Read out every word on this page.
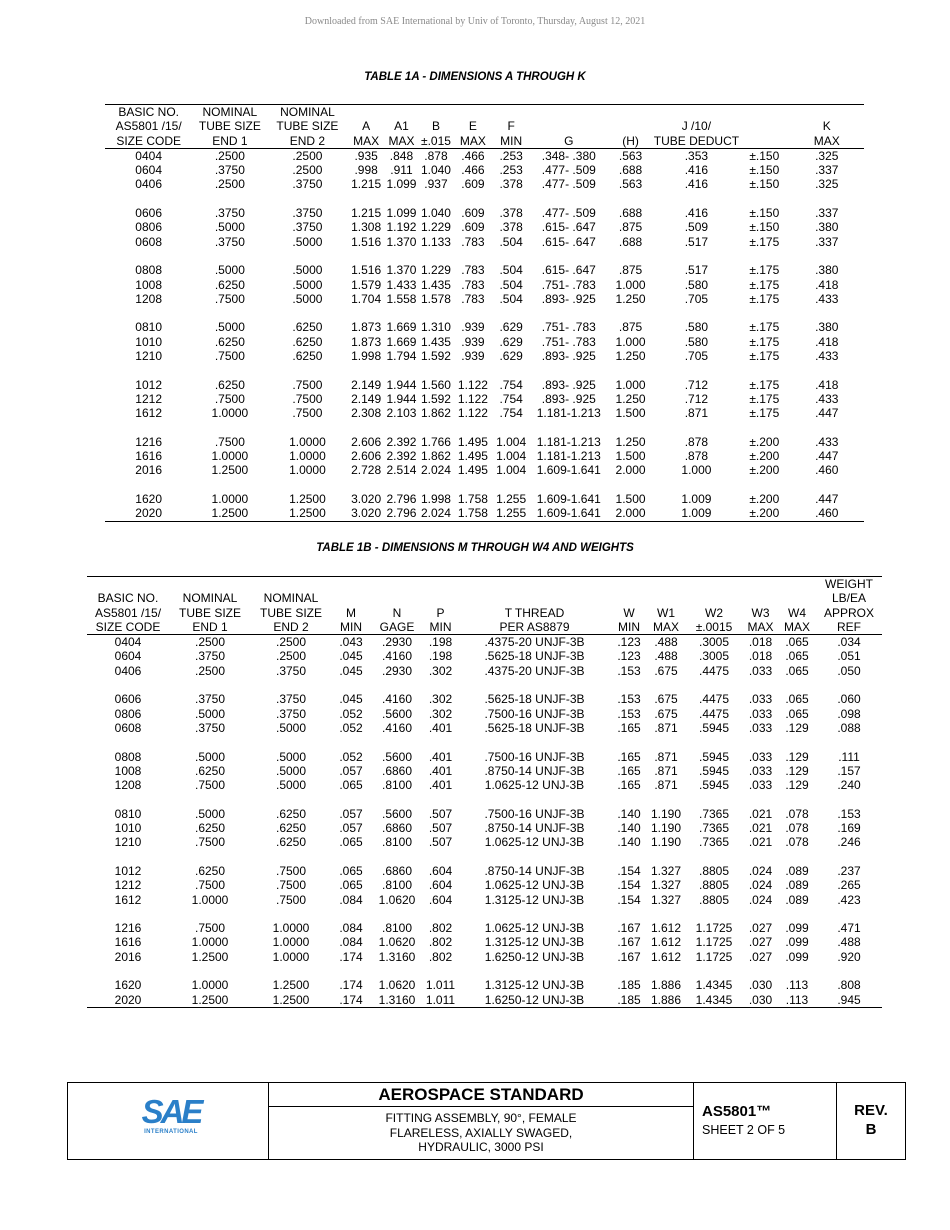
Downloaded from SAE International by Univ of Toronto, Thursday, August 12, 2021
TABLE 1A - DIMENSIONS A THROUGH K
BASIC NO.	NOMINAL	NOMINAL										
AS5801 /15/	TUBE SIZE	TUBE SIZE	A	A1	B	E	F			J /10/		K
SIZE CODE	END 1	END 2	MAX	MAX	±.015	MAX	MIN	G	(H)	TUBE DEDUCT		MAX
0404	.2500	.2500	.935	.848	.878	.466	.253	.348- .380	.563	.353	±.150	.325
0604	.3750	.2500	.998	.911	1.040	.466	.253	.477- .509	.688	.416	±.150	.337
0406	.2500	.3750	1.215	1.099	.937	.609	.378	.477- .509	.563	.416	±.150	.325

0606	.3750	.3750	1.215	1.099	1.040	.609	.378	.477- .509	.688	.416	±.150	.337
0806	.5000	.3750	1.308	1.192	1.229	.609	.378	.615- .647	.875	.509	±.150	.380
0608	.3750	.5000	1.516	1.370	1.133	.783	.504	.615- .647	.688	.517	±.175	.337

0808	.5000	.5000	1.516	1.370	1.229	.783	.504	.615- .647	.875	.517	±.175	.380
1008	.6250	.5000	1.579	1.433	1.435	.783	.504	.751- .783	1.000	.580	±.175	.418
1208	.7500	.5000	1.704	1.558	1.578	.783	.504	.893- .925	1.250	.705	±.175	.433

0810	.5000	.6250	1.873	1.669	1.310	.939	.629	.751- .783	.875	.580	±.175	.380
1010	.6250	.6250	1.873	1.669	1.435	.939	.629	.751- .783	1.000	.580	±.175	.418
1210	.7500	.6250	1.998	1.794	1.592	.939	.629	.893- .925	1.250	.705	±.175	.433

1012	.6250	.7500	2.149	1.944	1.560	1.122	.754	.893- .925	1.000	.712	±.175	.418
1212	.7500	.7500	2.149	1.944	1.592	1.122	.754	.893- .925	1.250	.712	±.175	.433
1612	1.0000	.7500	2.308	2.103	1.862	1.122	.754	1.181-1.213	1.500	.871	±.175	.447

1216	.7500	1.0000	2.606	2.392	1.766	1.495	1.004	1.181-1.213	1.250	.878	±.200	.433
1616	1.0000	1.0000	2.606	2.392	1.862	1.495	1.004	1.181-1.213	1.500	.878	±.200	.447
2016	1.2500	1.0000	2.728	2.514	2.024	1.495	1.004	1.609-1.641	2.000	1.000	±.200	.460

1620	1.0000	1.2500	3.020	2.796	1.998	1.758	1.255	1.609-1.641	1.500	1.009	±.200	.447
2020	1.2500	1.2500	3.020	2.796	2.024	1.758	1.255	1.609-1.641	2.000	1.009	±.200	.460
TABLE 1B - DIMENSIONS M THROUGH W4 AND WEIGHTS
												WEIGHT
BASIC NO.	NOMINAL	NOMINAL										LB/EA
AS5801 /15/	TUBE SIZE	TUBE SIZE	M	N	P	T THREAD	W	W1	W2	W3	W4	APPROX
SIZE CODE	END 1	END 2	MIN	GAGE	MIN	PER AS8879	MIN	MAX	±.0015	MAX	MAX	REF
0404	.2500	.2500	.043	.2930	.198	.4375-20 UNJF-3B	.123	.488	.3005	.018	.065	.034
0604	.3750	.2500	.045	.4160	.198	.5625-18 UNJF-3B	.123	.488	.3005	.018	.065	.051
0406	.2500	.3750	.045	.2930	.302	.4375-20 UNJF-3B	.153	.675	.4475	.033	.065	.050

0606	.3750	.3750	.045	.4160	.302	.5625-18 UNJF-3B	.153	.675	.4475	.033	.065	.060
0806	.5000	.3750	.052	.5600	.302	.7500-16 UNJF-3B	.153	.675	.4475	.033	.065	.098
0608	.3750	.5000	.052	.4160	.401	.5625-18 UNJF-3B	.165	.871	.5945	.033	.129	.088

0808	.5000	.5000	.052	.5600	.401	.7500-16 UNJF-3B	.165	.871	.5945	.033	.129	.111
1008	.6250	.5000	.057	.6860	.401	.8750-14 UNJF-3B	.165	.871	.5945	.033	.129	.157
1208	.7500	.5000	.065	.8100	.401	1.0625-12 UNJ-3B	.165	.871	.5945	.033	.129	.240

0810	.5000	.6250	.057	.5600	.507	.7500-16 UNJF-3B	.140	1.190	.7365	.021	.078	.153
1010	.6250	.6250	.057	.6860	.507	.8750-14 UNJF-3B	.140	1.190	.7365	.021	.078	.169
1210	.7500	.6250	.065	.8100	.507	1.0625-12 UNJ-3B	.140	1.190	.7365	.021	.078	.246

1012	.6250	.7500	.065	.6860	.604	.8750-14 UNJF-3B	.154	1.327	.8805	.024	.089	.237
1212	.7500	.7500	.065	.8100	.604	1.0625-12 UNJ-3B	.154	1.327	.8805	.024	.089	.265
1612	1.0000	.7500	.084	1.0620	.604	1.3125-12 UNJ-3B	.154	1.327	.8805	.024	.089	.423

1216	.7500	1.0000	.084	.8100	.802	1.0625-12 UNJ-3B	.167	1.612	1.1725	.027	.099	.471
1616	1.0000	1.0000	.084	1.0620	.802	1.3125-12 UNJ-3B	.167	1.612	1.1725	.027	.099	.488
2016	1.2500	1.0000	.174	1.3160	.802	1.6250-12 UNJ-3B	.167	1.612	1.1725	.027	.099	.920

1620	1.0000	1.2500	.174	1.0620	1.011	1.3125-12 UNJ-3B	.185	1.886	1.4345	.030	.113	.808
2020	1.2500	1.2500	.174	1.3160	1.011	1.6250-12 UNJ-3B	.185	1.886	1.4345	.030	.113	.945
SAE
INTERNATIONAL
AEROSPACE STANDARD
FITTING ASSEMBLY, 90°, FEMALE
FLARELESS, AXIALLY SWAGED,
HYDRAULIC, 3000 PSI
AS5801™
SHEET 2 OF 5
REV.
B
